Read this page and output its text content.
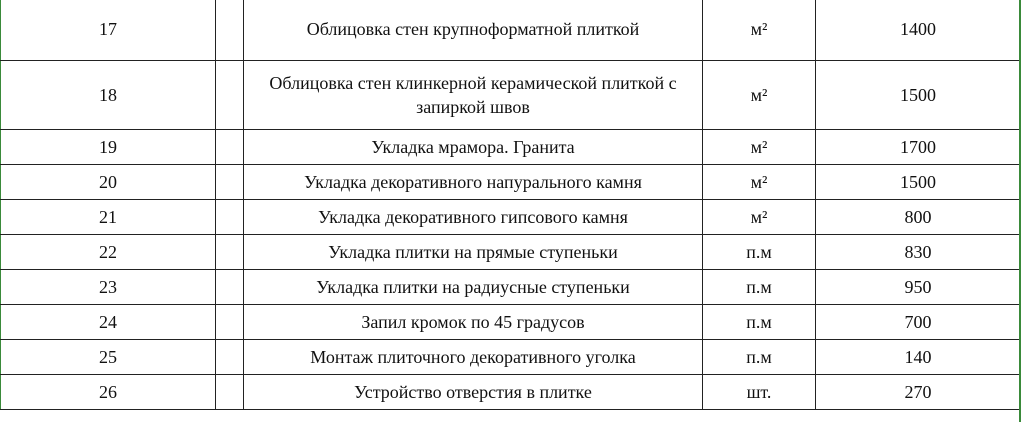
17		Облицовка стен крупноформатной плиткой	м²	1400
18		Облицовка стен клинкерной керамической плиткой с запиркой швов	м²	1500
19		Укладка мрамора. Гранита	м²	1700
20		Укладка декоративного напурального камня	м²	1500
21		Укладка декоративного гипсового камня	м²	800
22		Укладка плитки на прямые ступеньки	п.м	830
23		Укладка плитки на радиусные ступеньки	п.м	950
24		Запил кромок по 45 градусов	п.м	700
25		Монтаж плиточного декоративного уголка	п.м	140
26		Устройство отверстия в плитке	шт.	270
